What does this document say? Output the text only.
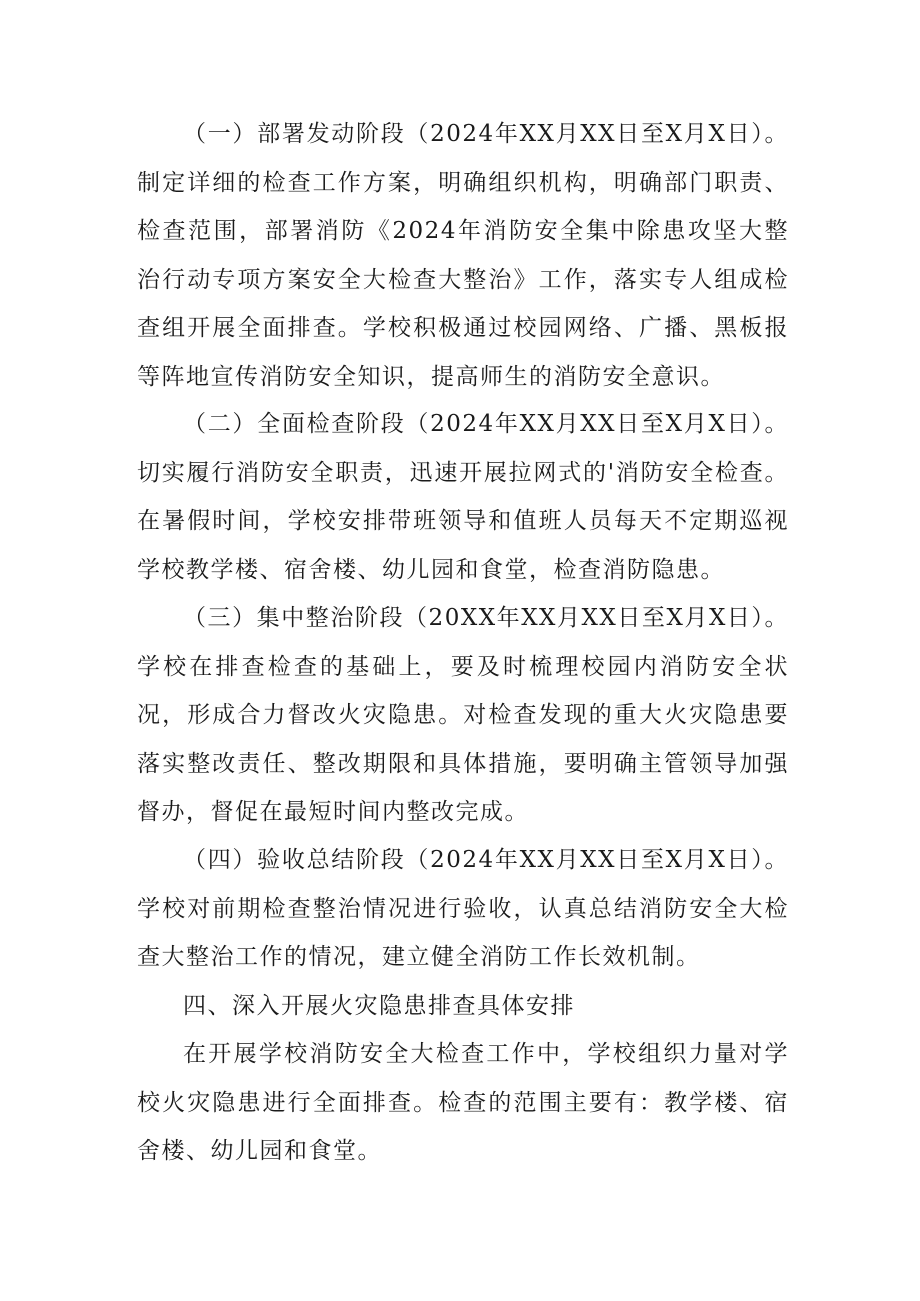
（一）部署发动阶段（2024年XX月XX日至X月X日）。制定详细的检查工作方案，明确组织机构，明确部门职责、检查范围，部署消防《2024年消防安全集中除患攻坚大整治行动专项方案安全大检查大整治》工作，落实专人组成检查组开展全面排查。学校积极通过校园网络、广播、黑板报等阵地宣传消防安全知识，提高师生的消防安全意识。

（二）全面检查阶段（2024年XX月XX日至X月X日）。切实履行消防安全职责，迅速开展拉网式的'消防安全检查。在暑假时间，学校安排带班领导和值班人员每天不定期巡视学校教学楼、宿舍楼、幼儿园和食堂，检查消防隐患。

（三）集中整治阶段（20XX年XX月XX日至X月X日）。学校在排查检查的基础上，要及时梳理校园内消防安全状况，形成合力督改火灾隐患。对检查发现的重大火灾隐患要落实整改责任、整改期限和具体措施，要明确主管领导加强督办，督促在最短时间内整改完成。

（四）验收总结阶段（2024年XX月XX日至X月X日）。学校对前期检查整治情况进行验收，认真总结消防安全大检查大整治工作的情况，建立健全消防工作长效机制。

四、深入开展火灾隐患排查具体安排

在开展学校消防安全大检查工作中，学校组织力量对学校火灾隐患进行全面排查。检查的范围主要有：教学楼、宿舍楼、幼儿园和食堂。
